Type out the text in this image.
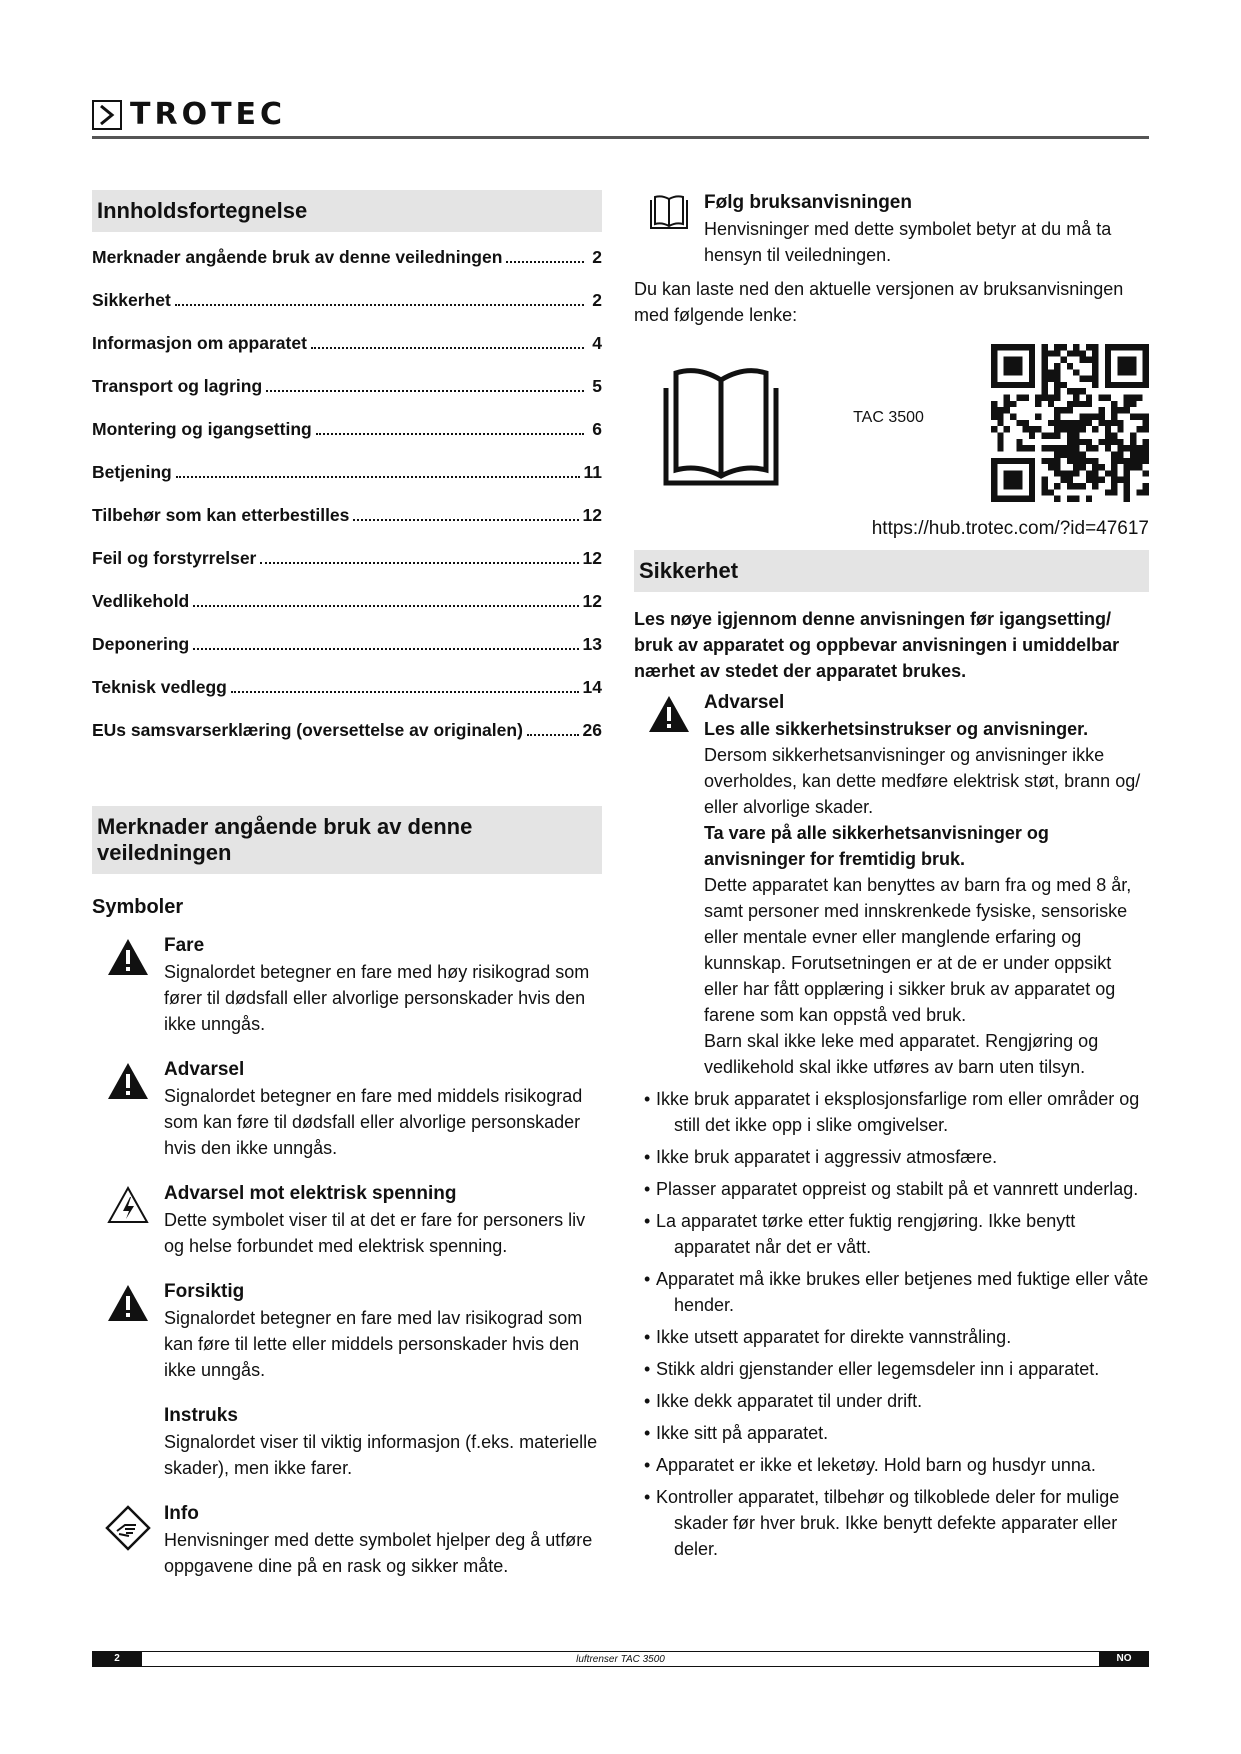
TROTEC
Innholdsfortegnelse
Merknader angående bruk av denne veiledningen	2
Sikkerhet	2
Informasjon om apparatet	4
Transport og lagring	5
Montering og igangsetting	6
Betjening	11
Tilbehør som kan etterbestilles	12
Feil og forstyrrelser	12
Vedlikehold	12
Deponering	13
Teknisk vedlegg	14
EUs samsvarserklæring (oversettelse av originalen)	26
Merknader angående bruk av denne veiledningen
Symboler
Fare
Signalordet betegner en fare med høy risikograd som fører til dødsfall eller alvorlige personskader hvis den ikke unngås.
Advarsel
Signalordet betegner en fare med middels risikograd som kan føre til dødsfall eller alvorlige personskader hvis den ikke unngås.
Advarsel mot elektrisk spenning
Dette symbolet viser til at det er fare for personers liv og helse forbundet med elektrisk spenning.
Forsiktig
Signalordet betegner en fare med lav risikograd som kan føre til lette eller middels personskader hvis den ikke unngås.
Instruks
Signalordet viser til viktig informasjon (f.eks. materielle skader), men ikke farer.
Info
Henvisninger med dette symbolet hjelper deg å utføre oppgavene dine på en rask og sikker måte.
Følg bruksanvisningen
Henvisninger med dette symbolet betyr at du må ta hensyn til veiledningen.
Du kan laste ned den aktuelle versjonen av bruksanvisningen med følgende lenke:
TAC 3500
https://hub.trotec.com/?id=47617
Sikkerhet
Les nøye igjennom denne anvisningen før igangsetting/ bruk av apparatet og oppbevar anvisningen i umiddelbar nærhet av stedet der apparatet brukes.
Advarsel
Les alle sikkerhetsinstrukser og anvisninger.
Dersom sikkerhetsanvisninger og anvisninger ikke overholdes, kan dette medføre elektrisk støt, brann og/ eller alvorlige skader.
Ta vare på alle sikkerhetsanvisninger og anvisninger for fremtidig bruk.
Dette apparatet kan benyttes av barn fra og med 8 år, samt personer med innskrenkede fysiske, sensoriske eller mentale evner eller manglende erfaring og kunnskap. Forutsetningen er at de er under oppsikt eller har fått opplæring i sikker bruk av apparatet og farene som kan oppstå ved bruk.
Barn skal ikke leke med apparatet. Rengjøring og vedlikehold skal ikke utføres av barn uten tilsyn.
• Ikke bruk apparatet i eksplosjonsfarlige rom eller områder og still det ikke opp i slike omgivelser.
• Ikke bruk apparatet i aggressiv atmosfære.
• Plasser apparatet oppreist og stabilt på et vannrett underlag.
• La apparatet tørke etter fuktig rengjøring. Ikke benytt apparatet når det er vått.
• Apparatet må ikke brukes eller betjenes med fuktige eller våte hender.
• Ikke utsett apparatet for direkte vannstråling.
• Stikk aldri gjenstander eller legemsdeler inn i apparatet.
• Ikke dekk apparatet til under drift.
• Ikke sitt på apparatet.
• Apparatet er ikke et leketøy. Hold barn og husdyr unna.
• Kontroller apparatet, tilbehør og tilkoblede deler for mulige skader før hver bruk. Ikke benytt defekte apparater eller deler.
2	luftrenser TAC 3500	NO
